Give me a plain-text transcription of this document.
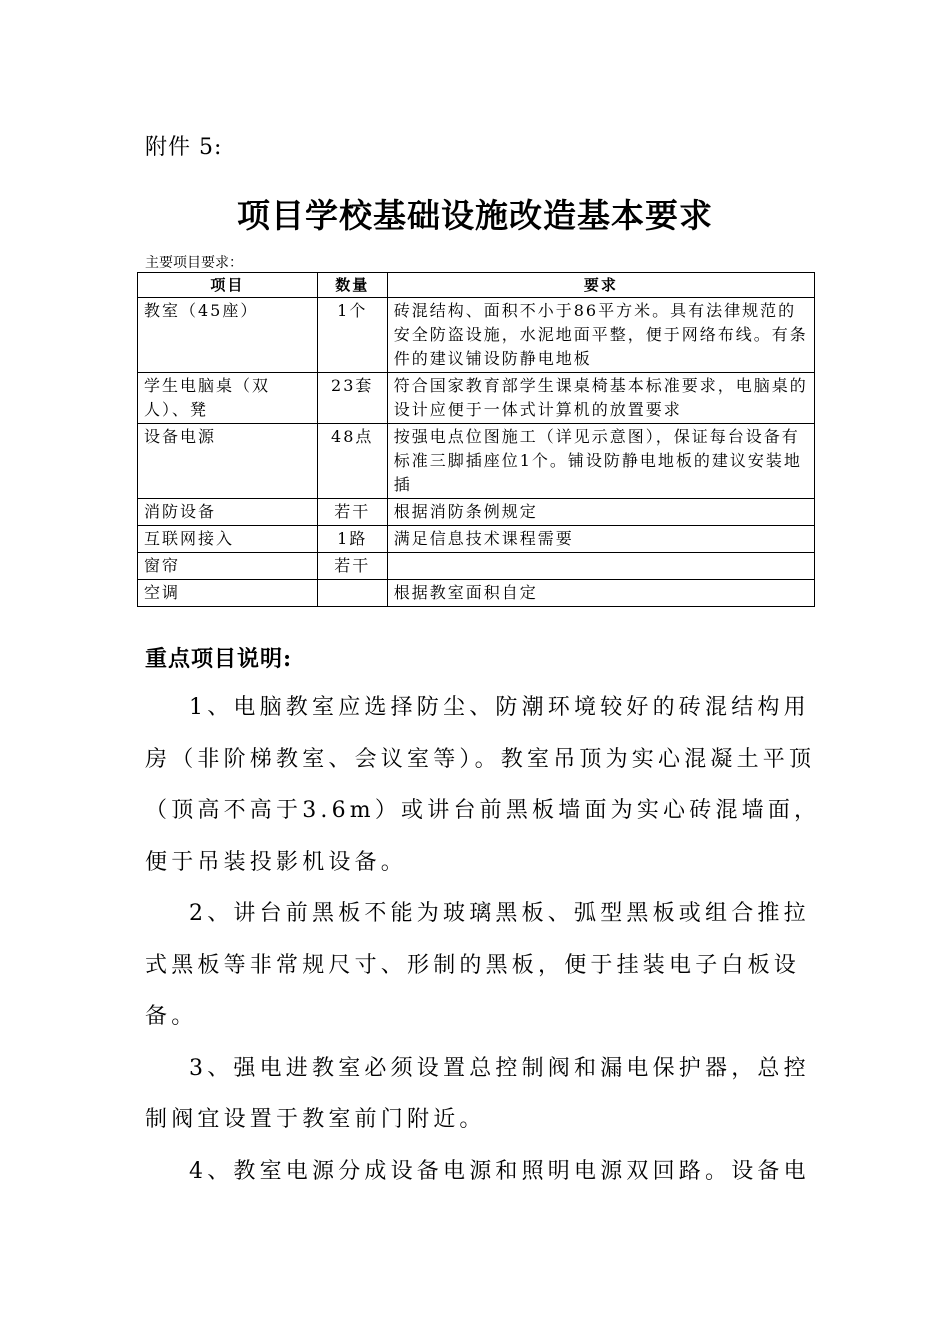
附件 5:
项目学校基础设施改造基本要求
主要项目要求：
项目	数量	要求
教室（45座）	1个	砖混结构、面积不小于86平方米。具有法律规范的安全防盗设施，水泥地面平整，便于网络布线。有条件的建议铺设防静电地板
学生电脑桌（双人）、凳	23套	符合国家教育部学生课桌椅基本标准要求，电脑桌的设计应便于一体式计算机的放置要求
设备电源	48点	按强电点位图施工（详见示意图），保证每台设备有标准三脚插座位1个。铺设防静电地板的建议安装地插
消防设备	若干	根据消防条例规定
互联网接入	1路	满足信息技术课程需要
窗帘	若干	
空调		根据教室面积自定
重点项目说明:

1、电脑教室应选择防尘、防潮环境较好的砖混结构用房（非阶梯教室、会议室等）。教室吊顶为实心混凝土平顶（顶高不高于3.6m）或讲台前黑板墙面为实心砖混墙面，便于吊装投影机设备。

2、讲台前黑板不能为玻璃黑板、弧型黑板或组合推拉式黑板等非常规尺寸、形制的黑板，便于挂装电子白板设备。

3、强电进教室必须设置总控制阀和漏电保护器，总控制阀宜设置于教室前门附近。

4、教室电源分成设备电源和照明电源双回路。设备电
